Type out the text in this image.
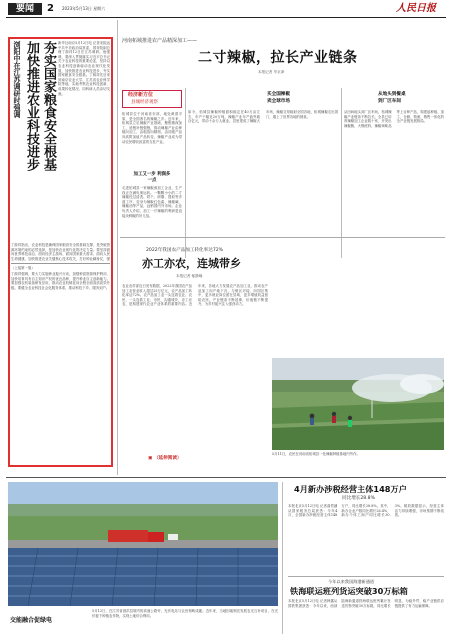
要闻	2 2023年5月13日 星期六	人民日报
浏阳中在江苏调研时强调 加快推进农业科技进步 夯实国家粮食安全根基 新华社南京5月12日电 记者宋振远 中共中央政治局常委、国务院副总理丁薛祥12日在江苏调研。他强调，要深入贯彻落实习近平总书记关于农业科技的重要论述，坚持以农业科技创新驱动农业现代化发展，加快推进农业科技进步，夯实国家粮食安全根基。丁薛祥先后来到南京农业大学、江苏省农业科学院等地，实地考察农业科技创新、成果转化情况，同科研人员亲切交流。
丁薛祥指出，农业科技是确保国家粮食安全的基础支撑，是突破资源环境约束的必然选择，是加快农业现代化的决定力量。要坚持面向世界科技前沿、面向经济主战场、面向国家重大需求、面向人民生命健康，加快推进农业关键核心技术攻关，打好种业翻身仗，强
（上接第一版）
丁薛祥强调，要大力实施种业振兴行动，加强种质资源保护利用，加快培育具有自主知识产权的优良品种，提升种业自主创新能力。要加强农机装备研发应用，推动农业机械化向全程全面高质高效升级。要健全农业科技社会化服务体系，推动科技下乡、服务到户。
河南柘城推进农产品精深加工——
二寸辣椒，拉长产业链条
本报记者 毕京津
经济新方位
县城经济观察
柘城县位于河南省东部，地处黄淮平原，是全国著名的辣椒之乡。近年来，柘城县立足辣椒产业基础，聚焦精深加工，延链补链强链，推动辣椒产业由种植向加工、由粗放向精细、由初级产品向高附加值产品转变，辣椒产业成为带动农民增收致富的支柱产业。
加工又一步 利润多一点
走进柘城县一家辣椒深加工企业，生产线正在满负荷运转。一颗颗小小的二寸辣椒经过清洗、烘干、研磨、提取等多道工序，变身为辣椒红色素、辣椒碱、辣椒油等产品，远销国内外市场。企业负责人介绍，加工一斤辣椒的利润是直接卖鲜椒的好几倍。
买全国辣椒
卖全球市场
如今，柘城县辣椒种植面积稳定在40万亩左右，年产干椒近20万吨，辣椒产业年产值突破百亿元，带动十余万人就业。县里建成了辣椒大市场，辣椒交易辐射全国各地，柘城辣椒走出国门，端上了世界各地的餐桌。
从地头到餐桌
到厂区车间
从田间地头到厂区车间，柘城辣椒产业链条不断拉长。全县已培育辣椒加工企业数十家，开发出辣椒酱、火锅底料、辣椒调味品等上百种产品，构建起种植、加工、仓储、物流、销售一体化的全产业链发展格局。
2022年我国农产品加工转化率达72%
亦工亦农，连城带乡
本报记者 郁静娴
农业农村部近日发布数据，2022年我国农产品加工业营业收入超过25万亿元，农产品加工转化率达72%。农产品加工业一头连着农业、农民，一头连着工业、市民，沟通城乡，亦工亦农，是构建现代农业产业体系的重要内容。近年来，各地大力发展农产品加工业，推动农产品加工向产地下沉、与销区对接、向园区集中，更多就业岗位留在县域，更多增值收益留给农民。产业链条不断延伸，价值链不断提升，为乡村振兴注入强劲动力。
▣ （延伸阅读）
5月11日，农民在河南省柘城县一处辣椒种植基地内劳作。
5月12日，在江苏省泗洪县境内的高速公路旁，光伏电站与农田相映成趣。近年来，当地因地制宜发展农光互补项目，在光伏板下种植农作物，实现土地综合利用。
交能融合促绿电
4月新办涉税经营主体148万户
同比增长28.8%
本报北京5月12日电 记者曲哲涵从国家税务总局获悉：今年4月，全国新办涉税经营主体148万户，同比增长28.8%。其中，新办企业户数同比增长26.4%，新办个体工商户同比增长30.3%。税收数据显示，经营主体活力持续增强，市场预期不断改善。
今年以来我国海港新通道
铁海联运班列货运突破30万标箱
本报北京5月12日电 记者韩鑫从国铁集团获悉：今年以来，西部陆海新通道铁海联运班列累计发送货物突破30万标箱，同比增长明显，为稳外贸、稳产业链供应链提供了有力运输保障。
